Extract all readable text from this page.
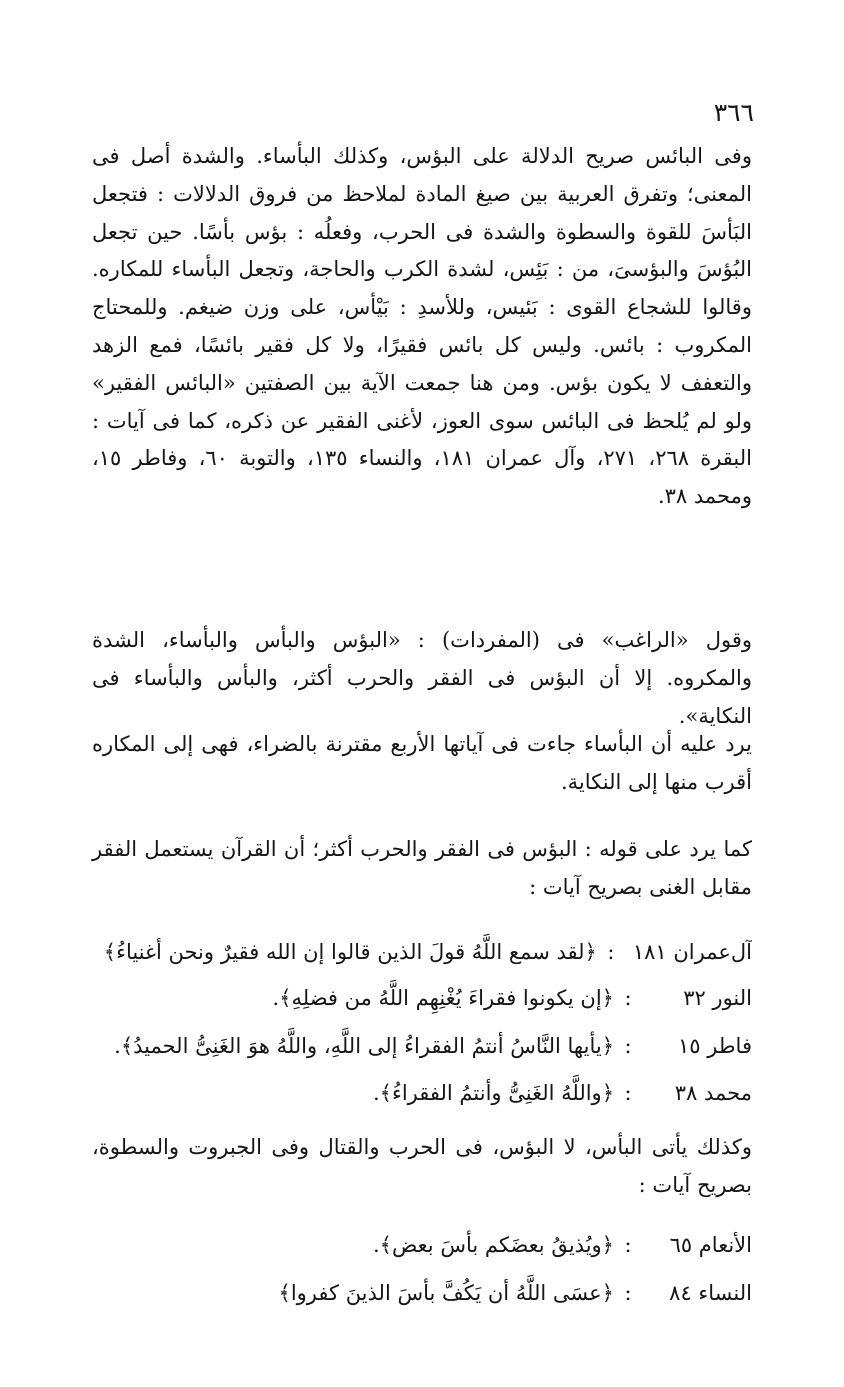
٣٦٦

وفى البائس صريح الدلالة على البؤس، وكذلك البأساء. والشدة أصل فى المعنى؛ وتفرق العربية بين صيغ المادة لملاحظ من فروق الدلالات : فتجعل البَأسَ للقوة والسطوة والشدة فى الحرب، وفعلُه : بؤس بأسًا. حين تجعل البُؤسَ والبؤسىَ، من : بَئِس، لشدة الكرب والحاجة، وتجعل البأساء للمكاره. وقالوا للشجاع القوى : بَئيس، وللأسدِ : بَيْأس، على وزن ضيغم. وللمحتاج المكروب : بائس. وليس كل بائس فقيرًا، ولا كل فقير بائسًا، فمع الزهد والتعفف لا يكون بؤس. ومن هنا جمعت الآية بين الصفتين «البائس الفقير» ولو لم يُلحظ فى البائس سوى العوز، لأغنى الفقير عن ذكره، كما فى آيات : البقرة ٢٦٨، ٢٧١، وآل عمران ١٨١، والنساء ١٣٥، والتوبة ٦٠، وفاطر ١٥، ومحمد ٣٨.

وقول «الراغب» فى (المفردات) : «البؤس والبأس والبأساء، الشدة والمكروه. إلا أن البؤس فى الفقر والحرب أكثر، والبأس والبأساء فى النكاية».

يرد عليه أن البأساء جاءت فى آياتها الأربع مقترنة بالضراء، فهى إلى المكاره أقرب منها إلى النكاية.

كما يرد على قوله : البؤس فى الفقر والحرب أكثر؛ أن القرآن يستعمل الفقر مقابل الغنى بصريح آيات :

آل‌عمران ١٨١:﴿لقد سمع اللَّهُ قولَ الذين قالوا إن الله فقيرٌ ونحن أغنياءُ﴾
النور ٣٢:﴿إن يكونوا فقراءَ يُغْنِهِم اللَّهُ من فضلِهِ﴾.
فاطر ١٥:﴿يأيها النَّاسُ أنتمُ الفقراءُ إلى اللَّهِ، واللَّهُ هوَ الغَنِىُّ الحميدُ﴾.
محمد ٣٨:﴿واللَّهُ الغَنِىُّ وأنتمُ الفقراءُ﴾.

وكذلك يأتى البأس، لا البؤس، فى الحرب والقتال وفى الجبروت والسطوة، بصريح آيات :

الأنعام ٦٥:﴿ويُذيقُ بعضَكم بأسَ بعض﴾.
النساء ٨٤:﴿عسَى اللَّهُ أن يَكُفَّ بأسَ الذينَ كفروا﴾
